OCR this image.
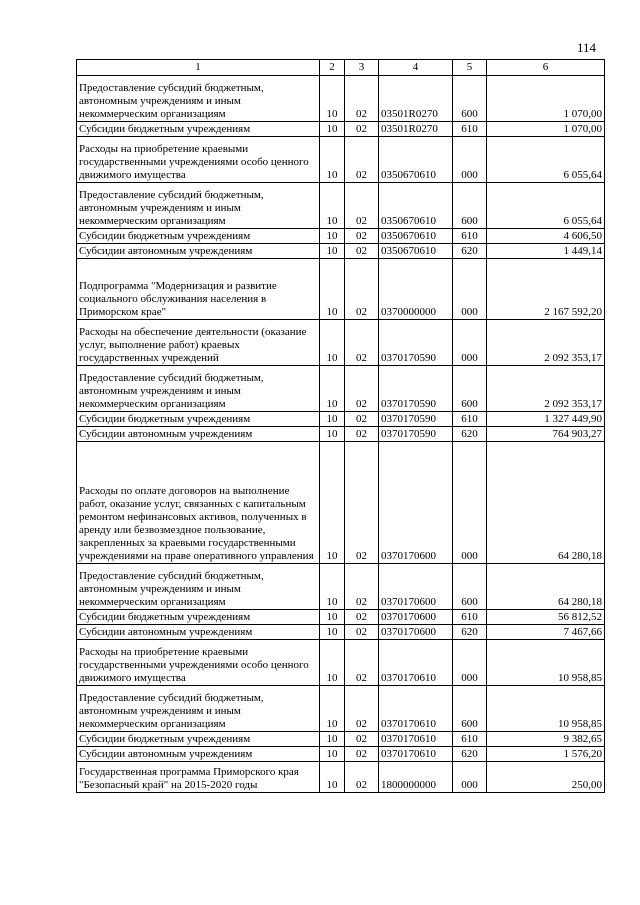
114
1	2	3	4	5	6
Предоставление субсидий бюджетным, автономным учреждениям и иным некоммерческим организациям	10	02	03501R0270	600	1 070,00
Субсидии бюджетным учреждениям	10	02	03501R0270	610	1 070,00
Расходы на приобретение краевыми государственными учреждениями особо ценного движимого имущества	10	02	0350670610	000	6 055,64
Предоставление субсидий бюджетным, автономным учреждениям и иным некоммерческим организациям	10	02	0350670610	600	6 055,64
Субсидии бюджетным учреждениям	10	02	0350670610	610	4 606,50
Субсидии автономным учреждениям	10	02	0350670610	620	1 449,14
Подпрограмма "Модернизация и развитие социального обслуживания населения в Приморском крае"	10	02	0370000000	000	2 167 592,20
Расходы на обеспечение деятельности (оказание услуг, выполнение работ) краевых государственных учреждений	10	02	0370170590	000	2 092 353,17
Предоставление субсидий бюджетным, автономным учреждениям и иным некоммерческим организациям	10	02	0370170590	600	2 092 353,17
Субсидии бюджетным учреждениям	10	02	0370170590	610	1 327 449,90
Субсидии автономным учреждениям	10	02	0370170590	620	764 903,27
Расходы по оплате договоров на выполнение работ, оказание услуг, связанных с капитальным ремонтом нефинансовых активов, полученных в аренду или безвозмездное пользование, закрепленных за краевыми государственными учреждениями на праве оперативного управления	10	02	0370170600	000	64 280,18
Предоставление субсидий бюджетным, автономным учреждениям и иным некоммерческим организациям	10	02	0370170600	600	64 280,18
Субсидии бюджетным учреждениям	10	02	0370170600	610	56 812,52
Субсидии автономным учреждениям	10	02	0370170600	620	7 467,66
Расходы на приобретение краевыми государственными учреждениями особо ценного движимого имущества	10	02	0370170610	000	10 958,85
Предоставление субсидий бюджетным, автономным учреждениям и иным некоммерческим организациям	10	02	0370170610	600	10 958,85
Субсидии бюджетным учреждениям	10	02	0370170610	610	9 382,65
Субсидии автономным учреждениям	10	02	0370170610	620	1 576,20
Государственная программа Приморского края "Безопасный край" на 2015-2020 годы	10	02	1800000000	000	250,00
